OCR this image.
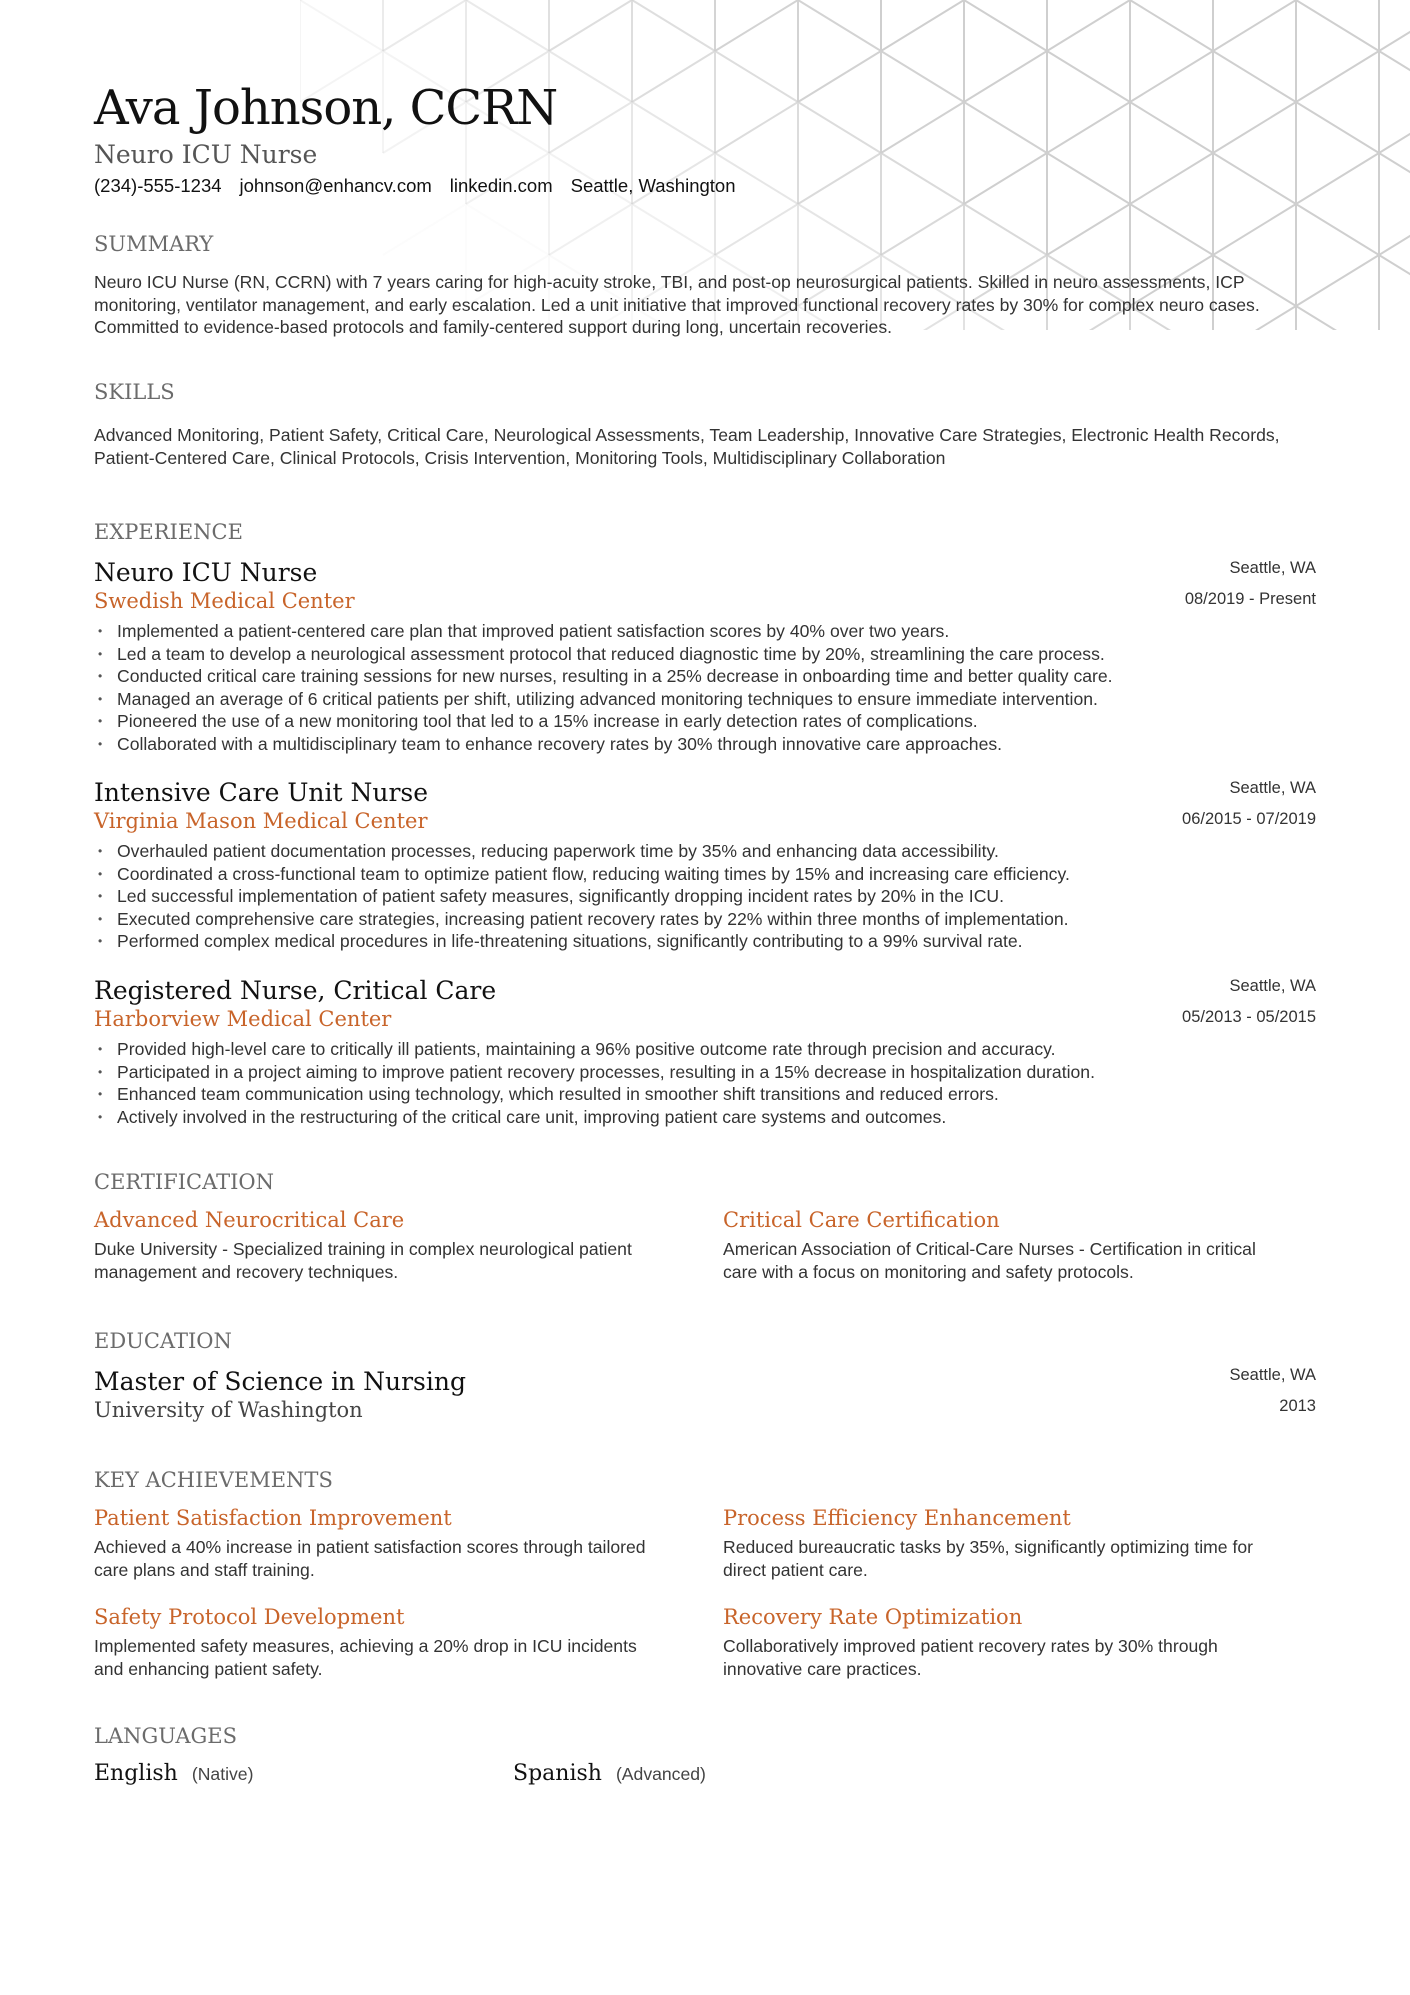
Ava Johnson, CCRN
Neuro ICU Nurse
(234)-555-1234 johnson@enhancv.com linkedin.com Seattle, Washington
SUMMARY
Neuro ICU Nurse (RN, CCRN) with 7 years caring for high-acuity stroke, TBI, and post-op neurosurgical patients. Skilled in neuro assessments, ICP monitoring, ventilator management, and early escalation. Led a unit initiative that improved functional recovery rates by 30% for complex neuro cases. Committed to evidence-based protocols and family-centered support during long, uncertain recoveries.
SKILLS
Advanced Monitoring, Patient Safety, Critical Care, Neurological Assessments, Team Leadership, Innovative Care Strategies, Electronic Health Records, Patient-Centered Care, Clinical Protocols, Crisis Intervention, Monitoring Tools, Multidisciplinary Collaboration
EXPERIENCE
Neuro ICU Nurse
Swedish Medical Center
Seattle, WA
08/2019 - Present
• Implemented a patient-centered care plan that improved patient satisfaction scores by 40% over two years.
• Led a team to develop a neurological assessment protocol that reduced diagnostic time by 20%, streamlining the care process.
• Conducted critical care training sessions for new nurses, resulting in a 25% decrease in onboarding time and better quality care.
• Managed an average of 6 critical patients per shift, utilizing advanced monitoring techniques to ensure immediate intervention.
• Pioneered the use of a new monitoring tool that led to a 15% increase in early detection rates of complications.
• Collaborated with a multidisciplinary team to enhance recovery rates by 30% through innovative care approaches.
Intensive Care Unit Nurse
Virginia Mason Medical Center
Seattle, WA
06/2015 - 07/2019
• Overhauled patient documentation processes, reducing paperwork time by 35% and enhancing data accessibility.
• Coordinated a cross-functional team to optimize patient flow, reducing waiting times by 15% and increasing care efficiency.
• Led successful implementation of patient safety measures, significantly dropping incident rates by 20% in the ICU.
• Executed comprehensive care strategies, increasing patient recovery rates by 22% within three months of implementation.
• Performed complex medical procedures in life-threatening situations, significantly contributing to a 99% survival rate.
Registered Nurse, Critical Care
Harborview Medical Center
Seattle, WA
05/2013 - 05/2015
• Provided high-level care to critically ill patients, maintaining a 96% positive outcome rate through precision and accuracy.
• Participated in a project aiming to improve patient recovery processes, resulting in a 15% decrease in hospitalization duration.
• Enhanced team communication using technology, which resulted in smoother shift transitions and reduced errors.
• Actively involved in the restructuring of the critical care unit, improving patient care systems and outcomes.
CERTIFICATION
Advanced Neurocritical Care
Duke University - Specialized training in complex neurological patient management and recovery techniques.
Critical Care Certification
American Association of Critical-Care Nurses - Certification in critical care with a focus on monitoring and safety protocols.
EDUCATION
Master of Science in Nursing
University of Washington
Seattle, WA
2013
KEY ACHIEVEMENTS
Patient Satisfaction Improvement
Achieved a 40% increase in patient satisfaction scores through tailored care plans and staff training.
Process Efficiency Enhancement
Reduced bureaucratic tasks by 35%, significantly optimizing time for direct patient care.
Safety Protocol Development
Implemented safety measures, achieving a 20% drop in ICU incidents and enhancing patient safety.
Recovery Rate Optimization
Collaboratively improved patient recovery rates by 30% through innovative care practices.
LANGUAGES
English (Native)	Spanish (Advanced)
